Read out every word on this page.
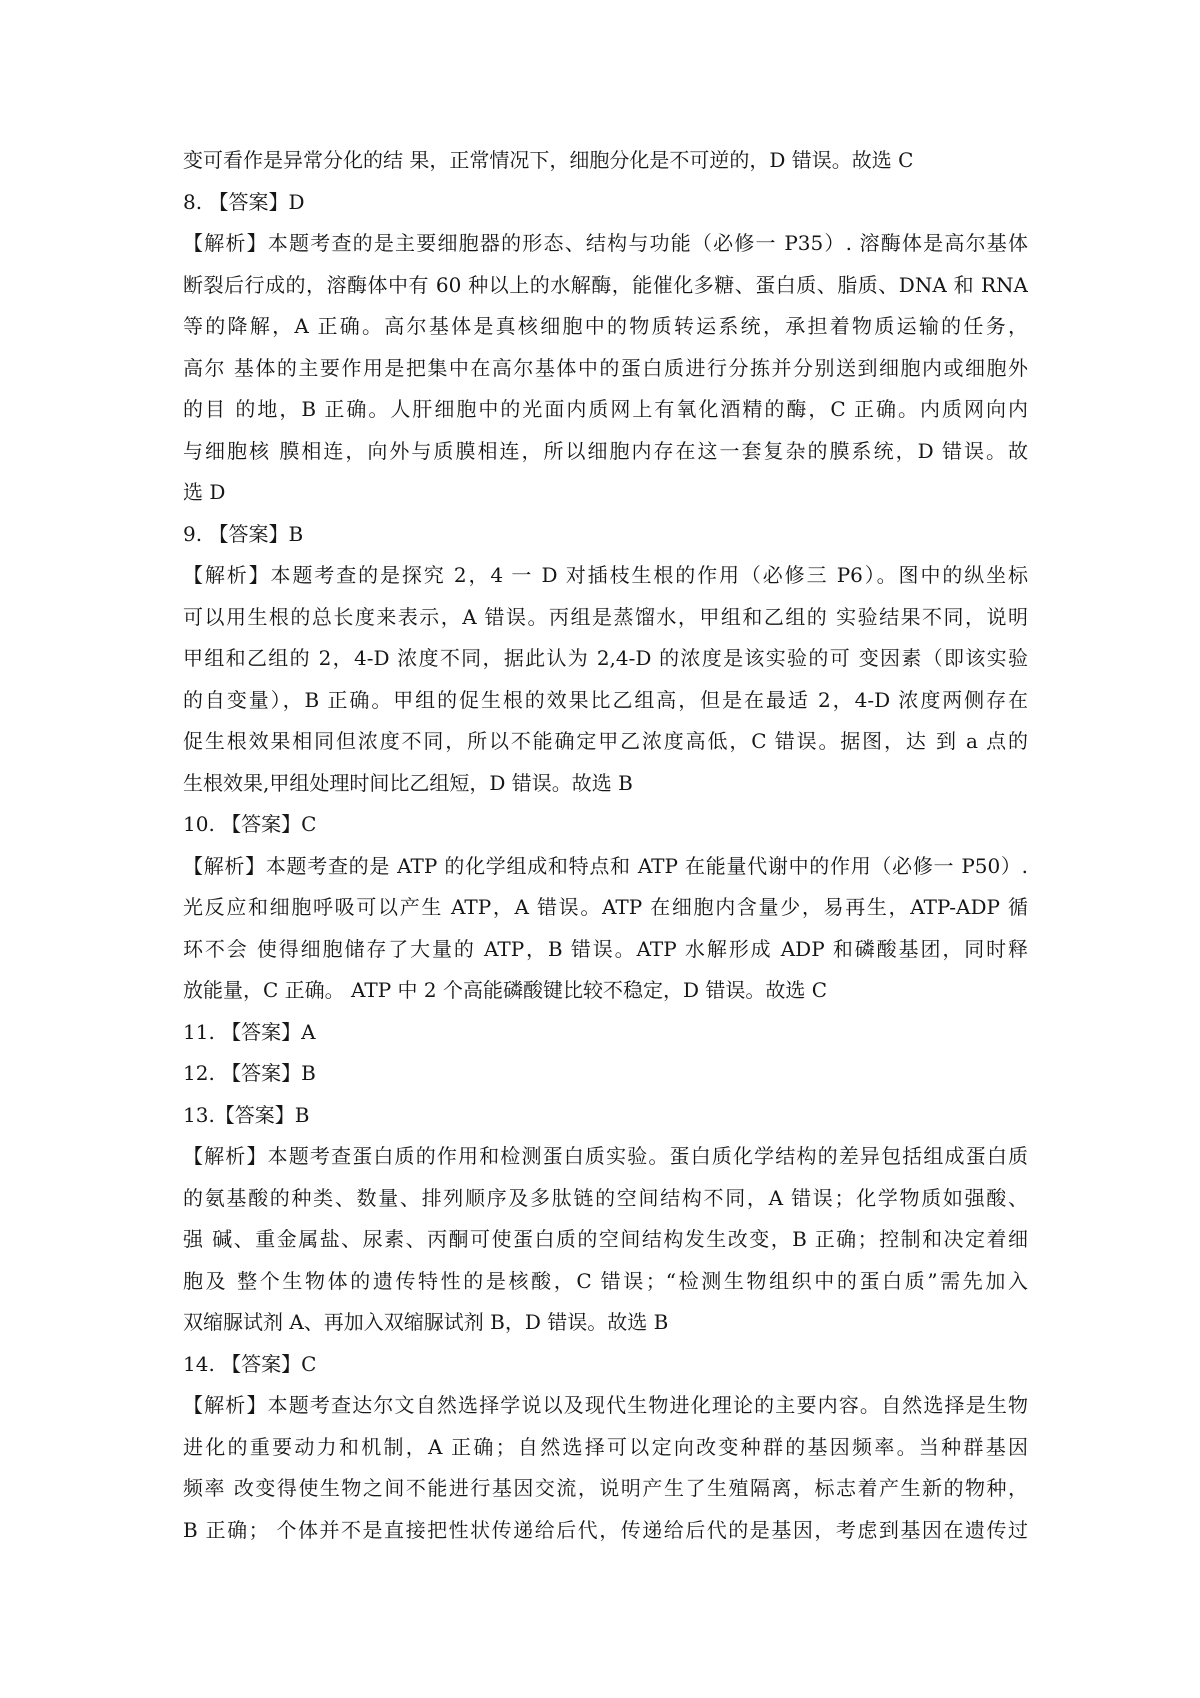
变可看作是异常分化的结 果，正常情况下，细胞分化是不可逆的，D 错误。故选 C
8. 【答案】D
【解析】本题考查的是主要细胞器的形态、结构与功能（必修一 P35）. 溶酶体是高尔基体
断裂后行成的，溶酶体中有 60 种以上的水解酶，能催化多糖、蛋白质、脂质、DNA 和 RNA
等的降解，A 正确。高尔基体是真核细胞中的物质转运系统，承担着物质运输的任务，
高尔 基体的主要作用是把集中在高尔基体中的蛋白质进行分拣并分别送到细胞内或细胞外
的目 的地，B 正确。人肝细胞中的光面内质网上有氧化酒精的酶，C 正确。内质网向内
与细胞核 膜相连，向外与质膜相连，所以细胞内存在这一套复杂的膜系统，D 错误。故
选 D
9. 【答案】B
【解析】本题考查的是探究 2，4 一 D 对插枝生根的作用（必修三 P6）。图中的纵坐标
可以用生根的总长度来表示，A 错误。丙组是蒸馏水，甲组和乙组的 实验结果不同，说明
甲组和乙组的 2，4-D 浓度不同，据此认为 2,4-D 的浓度是该实验的可 变因素（即该实验
的自变量），B 正确。甲组的促生根的效果比乙组高，但是在最适 2，4-D 浓度两侧存在
促生根效果相同但浓度不同，所以不能确定甲乙浓度高低，C 错误。据图，达 到 a 点的
生根效果,甲组处理时间比乙组短，D 错误。故选 B
10. 【答案】C
【解析】本题考查的是 ATP 的化学组成和特点和 ATP 在能量代谢中的作用（必修一 P50）.
光反应和细胞呼吸可以产生 ATP，A 错误。ATP 在细胞内含量少，易再生，ATP-ADP 循
环不会 使得细胞储存了大量的 ATP，B 错误。ATP 水解形成 ADP 和磷酸基团，同时释
放能量，C 正确。 ATP 中 2 个高能磷酸键比较不稳定，D 错误。故选 C
11. 【答案】A
12. 【答案】B
13.【答案】B
【解析】本题考查蛋白质的作用和检测蛋白质实验。蛋白质化学结构的差异包括组成蛋白质
的氨基酸的种类、数量、排列顺序及多肽链的空间结构不同，A 错误；化学物质如强酸、
强 碱、重金属盐、尿素、丙酮可使蛋白质的空间结构发生改变，B 正确；控制和决定着细
胞及 整个生物体的遗传特性的是核酸，C 错误；“检测生物组织中的蛋白质”需先加入
双缩脲试剂 A、再加入双缩脲试剂 B，D 错误。故选 B
14. 【答案】C
【解析】本题考查达尔文自然选择学说以及现代生物进化理论的主要内容。自然选择是生物
进化的重要动力和机制，A 正确；自然选择可以定向改变种群的基因频率。当种群基因
频率 改变得使生物之间不能进行基因交流，说明产生了生殖隔离，标志着产生新的物种，
B 正确； 个体并不是直接把性状传递给后代，传递给后代的是基因，考虑到基因在遗传过
